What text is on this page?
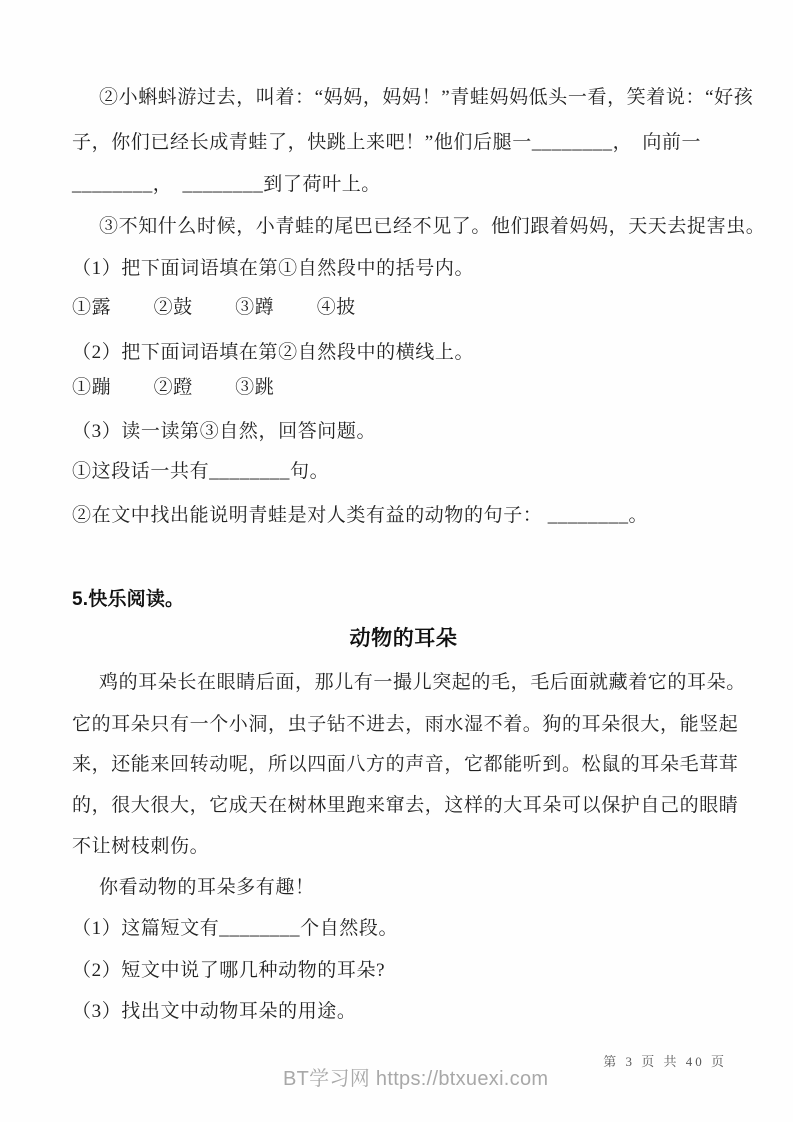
②小蝌蚪游过去，叫着：“妈妈，妈妈！”青蛙妈妈低头一看，笑着说：“好孩
子，你们已经长成青蛙了，快跳上来吧！”他们后腿一________，　向前一
________，　________到了荷叶上。
③不知什么时候，小青蛙的尾巴已经不见了。他们跟着妈妈，天天去捉害虫。
（1）把下面词语填在第①自然段中的括号内。
①露 ②鼓 ③蹲 ④披
（2）把下面词语填在第②自然段中的横线上。
①蹦 ②蹬 ③跳
（3）读一读第③自然，回答问题。
①这段话一共有________句。
②在文中找出能说明青蛙是对人类有益的动物的句子： ________。
5.快乐阅读。
动物的耳朵
鸡的耳朵长在眼睛后面，那儿有一撮儿突起的毛，毛后面就藏着它的耳朵。
它的耳朵只有一个小洞，虫子钻不进去，雨水湿不着。狗的耳朵很大，能竖起
来，还能来回转动呢，所以四面八方的声音，它都能听到。松鼠的耳朵毛茸茸
的，很大很大，它成天在树林里跑来窜去，这样的大耳朵可以保护自己的眼睛
不让树枝刺伤。
你看动物的耳朵多有趣！
（1）这篇短文有________个自然段。
（2）短文中说了哪几种动物的耳朵?
（3）找出文中动物耳朵的用途。
第 3 页 共 40 页
BT学习网 https://btxuexi.com
